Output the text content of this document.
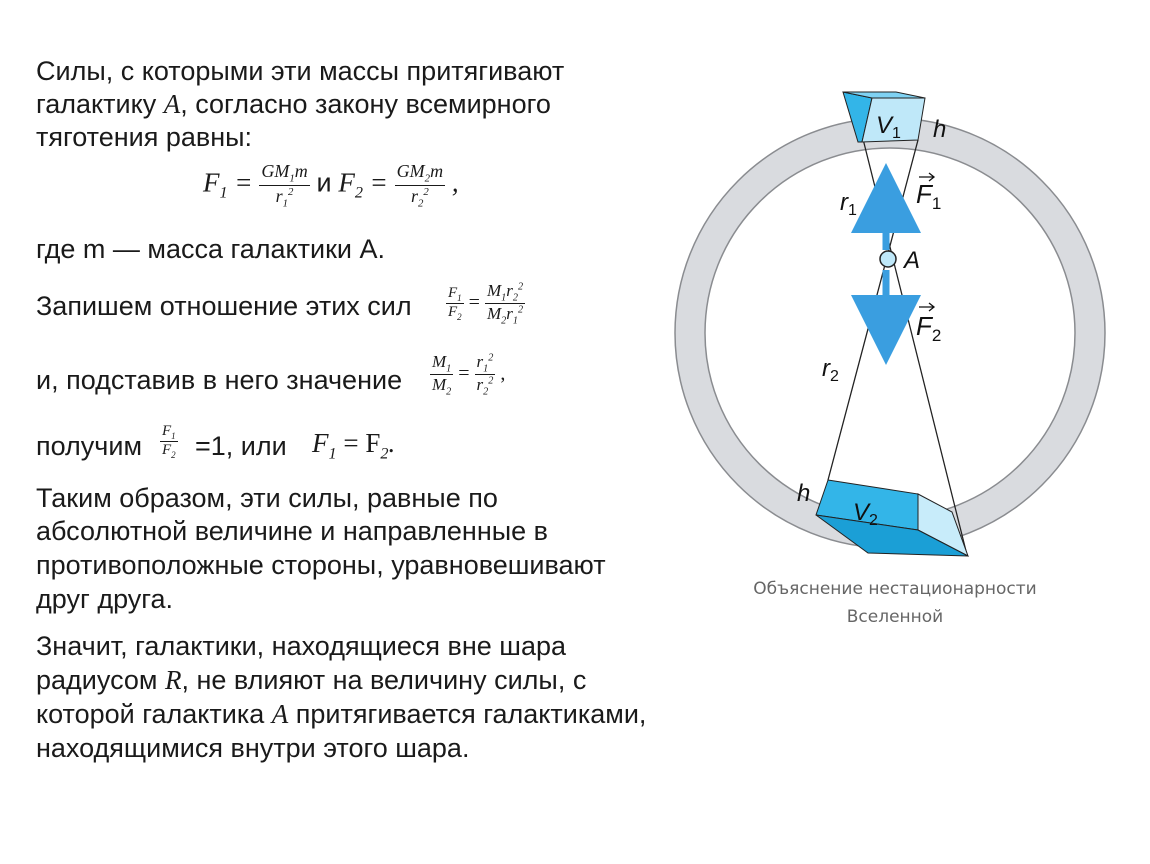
Силы, с которыми эти массы притягивают
галактику A, согласно закону всемирного
тяготения равны:
$F_1 = \frac{GM_1m}{r_1^2}$ и $F_2 = \frac{GM_2m}{r_2^2}$ ,
где m — масса галактики А.
Запишем отношение этих сил $\frac{F_1}{F_2} = \frac{M_1r_2^2}{M_2r_1^2}$
и, подставив в него значение $\frac{M_1}{M_2} = \frac{r_1^2}{r_2^2}$ ,
получим $\frac{F_1}{F_2} =1$, или $F_1 = F_2$.
Таким образом, эти силы, равные по
абсолютной величине и направленные в
противоположные стороны, уравновешивают
друг друга.
Значит, галактики, находящиеся вне шара
радиусом R, не влияют на величину силы, с
которой галактика A притягивается галактиками,
находящимися внутри этого шара.
$V_1$ h
$r_1$
$F_1$
A
$F_2$
$r_2$
h
$V_2$
Объяснение нестационарности
Вселенной
